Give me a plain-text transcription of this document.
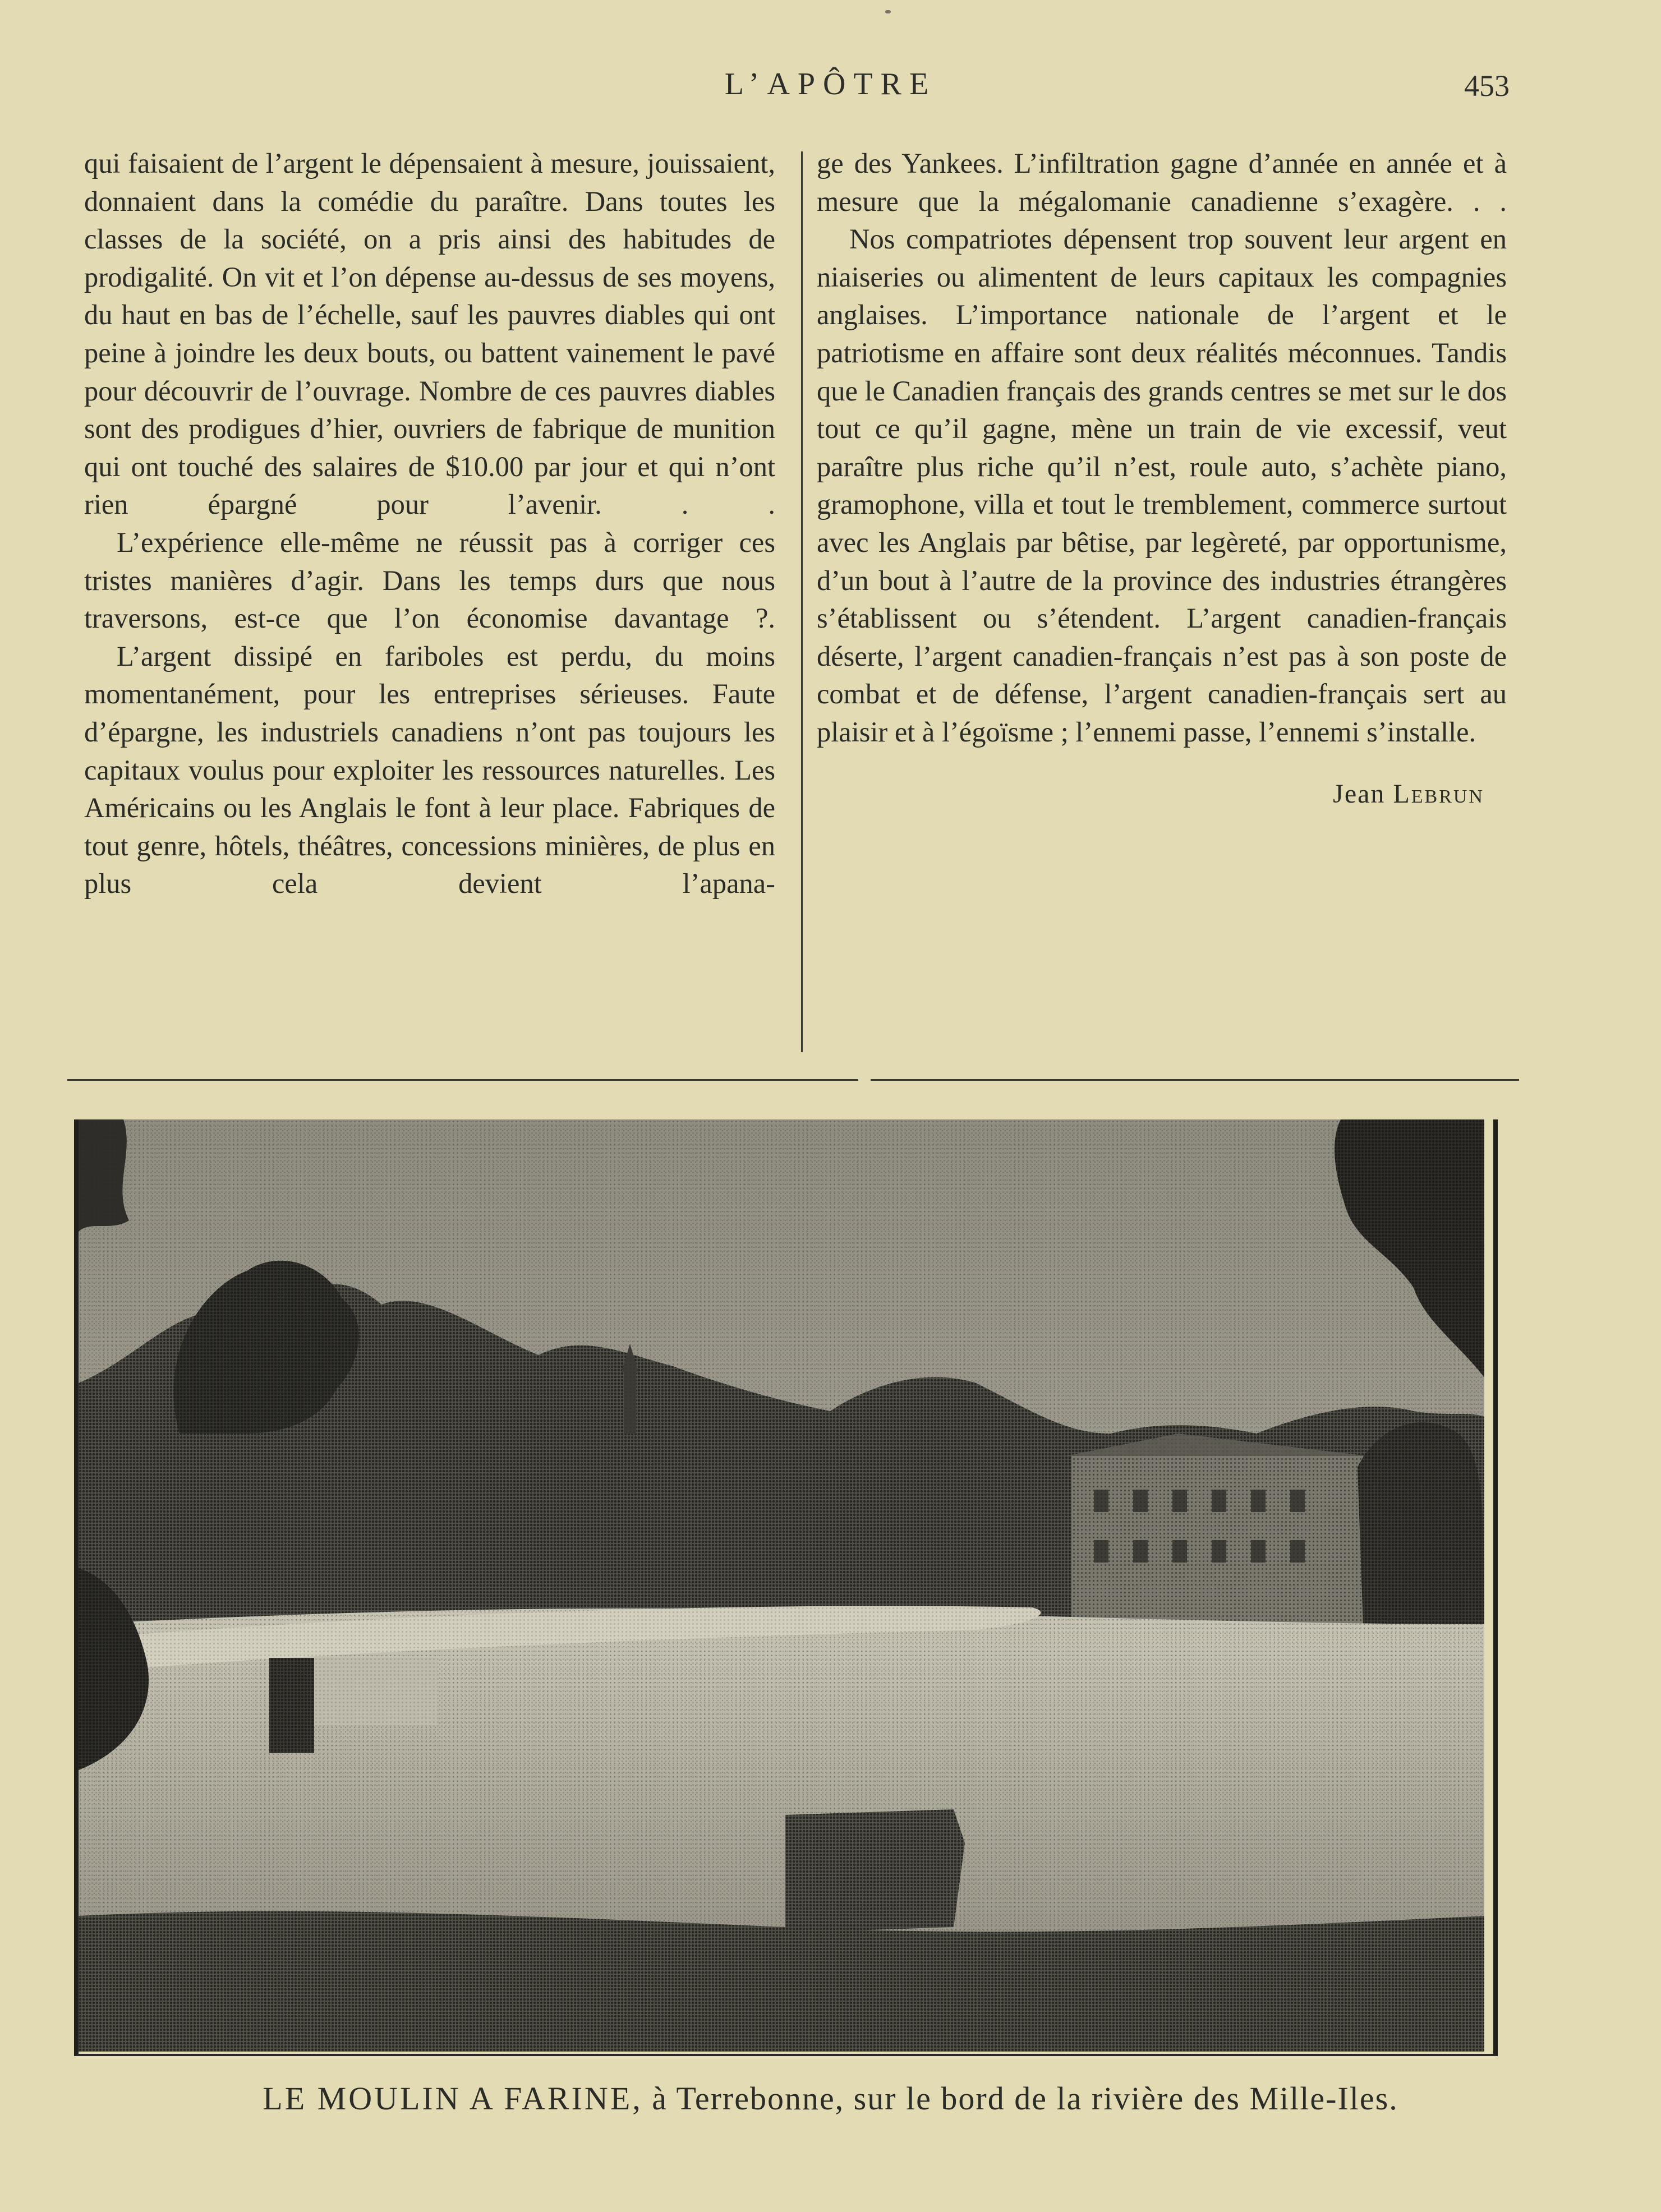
L’APÔTRE	453

qui faisaient de l’argent le dépensaient à mesure, jouissaient, donnaient dans la comédie du paraître. Dans toutes les classes de la société, on a pris ainsi des habitudes de prodigalité. On vit et l’on dépense au-dessus de ses moyens, du haut en bas de l’échelle, sauf les pauvres diables qui ont peine à joindre les deux bouts, ou battent vainement le pavé pour découvrir de l’ouvrage. Nombre de ces pauvres diables sont des prodigues d’hier, ouvriers de fabrique de munition qui ont touché des salaires de $10.00 par jour et qui n’ont rien épargné pour l’avenir. . .

L’expérience elle-même ne réussit pas à corriger ces tristes manières d’agir. Dans les temps durs que nous traversons, est-ce que l’on économise davantage ?.

L’argent dissipé en fariboles est perdu, du moins momentanément, pour les entreprises sérieuses. Faute d’épargne, les industriels canadiens n’ont pas toujours les capitaux voulus pour exploiter les ressources naturelles. Les Américains ou les Anglais le font à leur place. Fabriques de tout genre, hôtels, théâtres, concessions minières, de plus en plus cela devient l’apana-

ge des Yankees. L’infiltration gagne d’année en année et à mesure que la mégalomanie canadienne s’exagère. . .

Nos compatriotes dépensent trop souvent leur argent en niaiseries ou alimentent de leurs capitaux les compagnies anglaises. L’importance nationale de l’argent et le patriotisme en affaire sont deux réalités méconnues. Tandis que le Canadien français des grands centres se met sur le dos tout ce qu’il gagne, mène un train de vie excessif, veut paraître plus riche qu’il n’est, roule auto, s’achète piano, gramophone, villa et tout le tremblement, commerce surtout avec les Anglais par bêtise, par legèreté, par opportunisme, d’un bout à l’autre de la province des industries étrangères s’établissent ou s’étendent. L’argent canadien-français déserte, l’argent canadien-français n’est pas à son poste de combat et de défense, l’argent canadien-français sert au plaisir et à l’égoïsme ; l’ennemi passe, l’ennemi s’installe.

Jean Lebrun

LE MOULIN A FARINE, à Terrebonne, sur le bord de la rivière des Mille-Iles.
